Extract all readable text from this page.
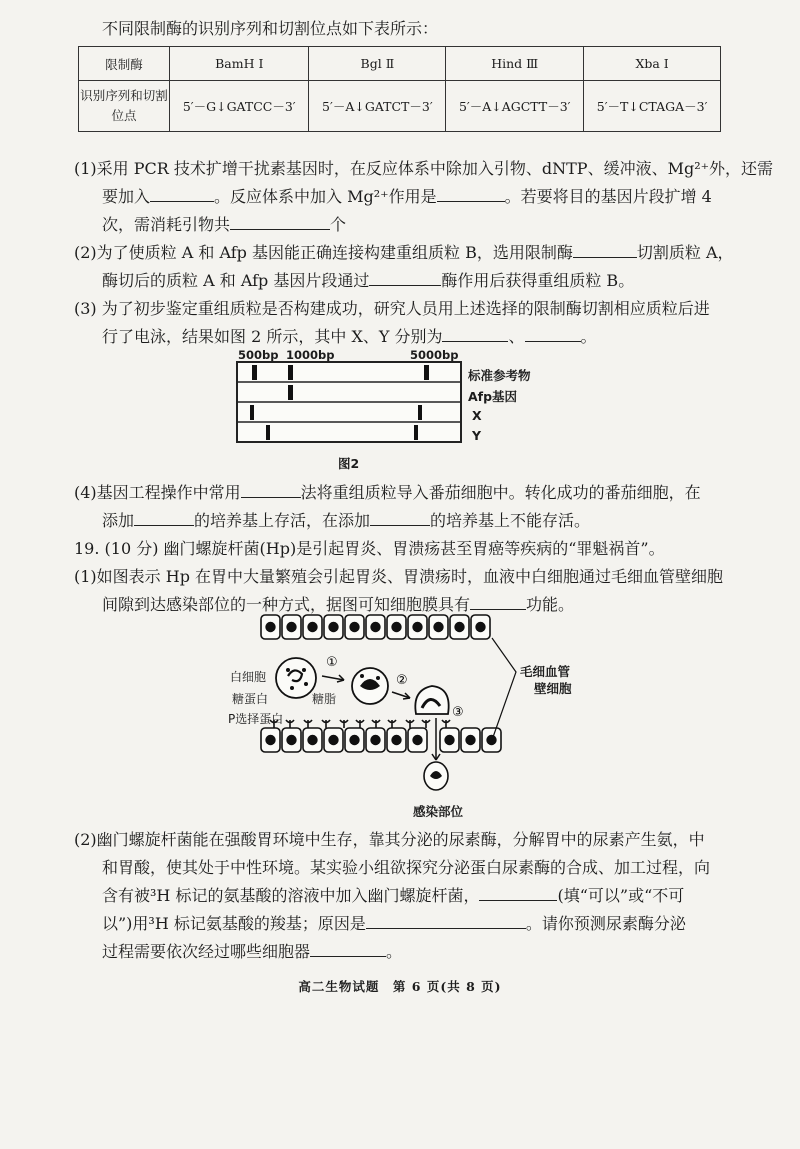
不同限制酶的识别序列和切割位点如下表所示：
限制酶	BamH Ⅰ	Bgl Ⅱ	Hind Ⅲ	Xba Ⅰ
识别序列和切割
位点	5′－G↓GATCC－3′	5′－A↓GATCT－3′	5′－A↓AGCTT－3′	5′－T↓CTAGA－3′
(1)采用 PCR 技术扩增干扰素基因时，在反应体系中除加入引物、dNTP、缓冲液、Mg²⁺外，还需
要加入	。反应体系中加入 Mg²⁺作用是	。若要将目的基因片段扩增 4
次，需消耗引物共	个
(2)为了使质粒 A 和 Afp 基因能正确连接构建重组质粒 B，选用限制酶	切割质粒 A，
酶切后的质粒 A 和 Afp 基因片段通过	酶作用后获得重组质粒 B。
(3) 为了初步鉴定重组质粒是否构建成功，研究人员用上述选择的限制酶切割相应质粒后进
行了电泳，结果如图 2 所示，其中 X、Y 分别为	、	。
500bp 1000bp	5000bp
标准参考物
Afp基因
X
Y
图2
(4)基因工程操作中常用	法将重组质粒导入番茄细胞中。转化成功的番茄细胞，在
添加	的培养基上存活，在添加	的培养基上不能存活。
19. (10 分) 幽门螺旋杆菌(Hp)是引起胃炎、胃溃疡甚至胃癌等疾病的“罪魁祸首”。
(1)如图表示 Hp 在胃中大量繁殖会引起胃炎、胃溃疡时，血液中白细胞通过毛细血管壁细胞
间隙到达感染部位的一种方式，据图可知细胞膜具有	功能。
①
②
③
白细胞
糖蛋白	糖脂
P选择蛋白
毛细血管
壁细胞
感染部位
(2)幽门螺旋杆菌能在强酸胃环境中生存，靠其分泌的尿素酶，分解胃中的尿素产生氨，中
和胃酸，使其处于中性环境。某实验小组欲探究分泌蛋白尿素酶的合成、加工过程，向
含有被³H 标记的氨基酸的溶液中加入幽门螺旋杆菌，	(填“可以”或“不可
以”)用³H 标记氨基酸的羧基；原因是	。请你预测尿素酶分泌
过程需要依次经过哪些细胞器	。
高二生物试题　第 6 页(共 8 页)
